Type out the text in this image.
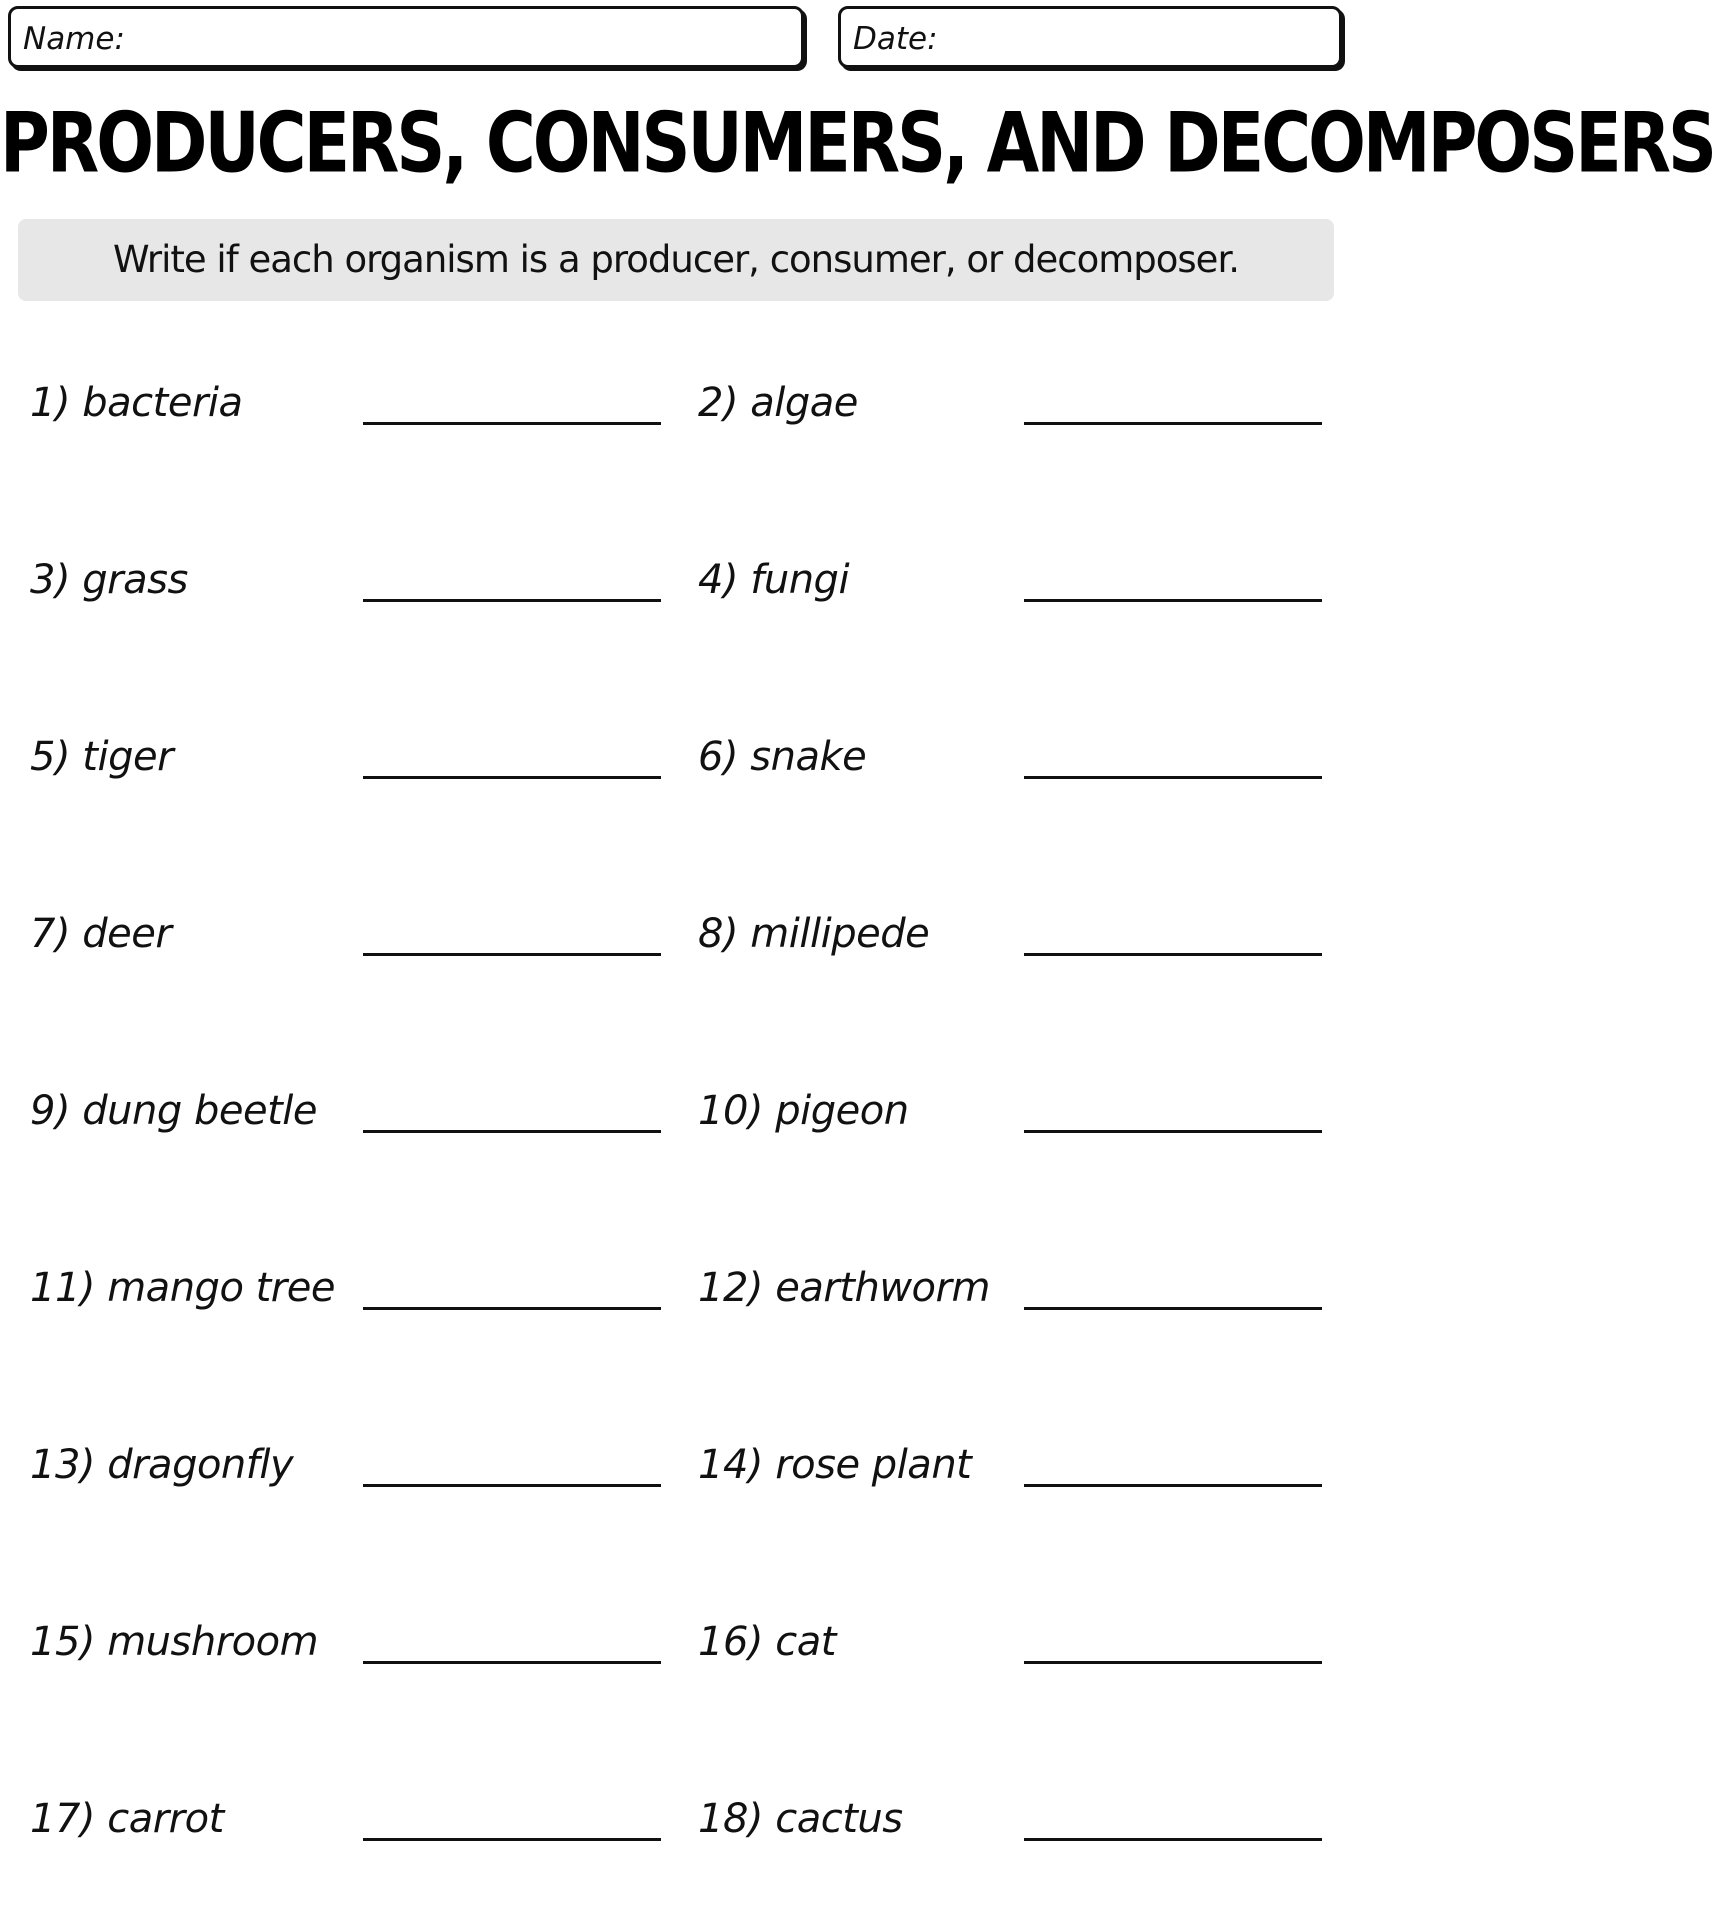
Name:	Date:
PRODUCERS, CONSUMERS, AND DECOMPOSERS
Write if each organism is a producer, consumer, or decomposer.
1) bacteria	2) algae
3) grass	4) fungi
5) tiger	6) snake
7) deer	8) millipede
9) dung beetle	10) pigeon
11) mango tree	12) earthworm
13) dragonfly	14) rose plant
15) mushroom	16) cat
17) carrot	18) cactus
